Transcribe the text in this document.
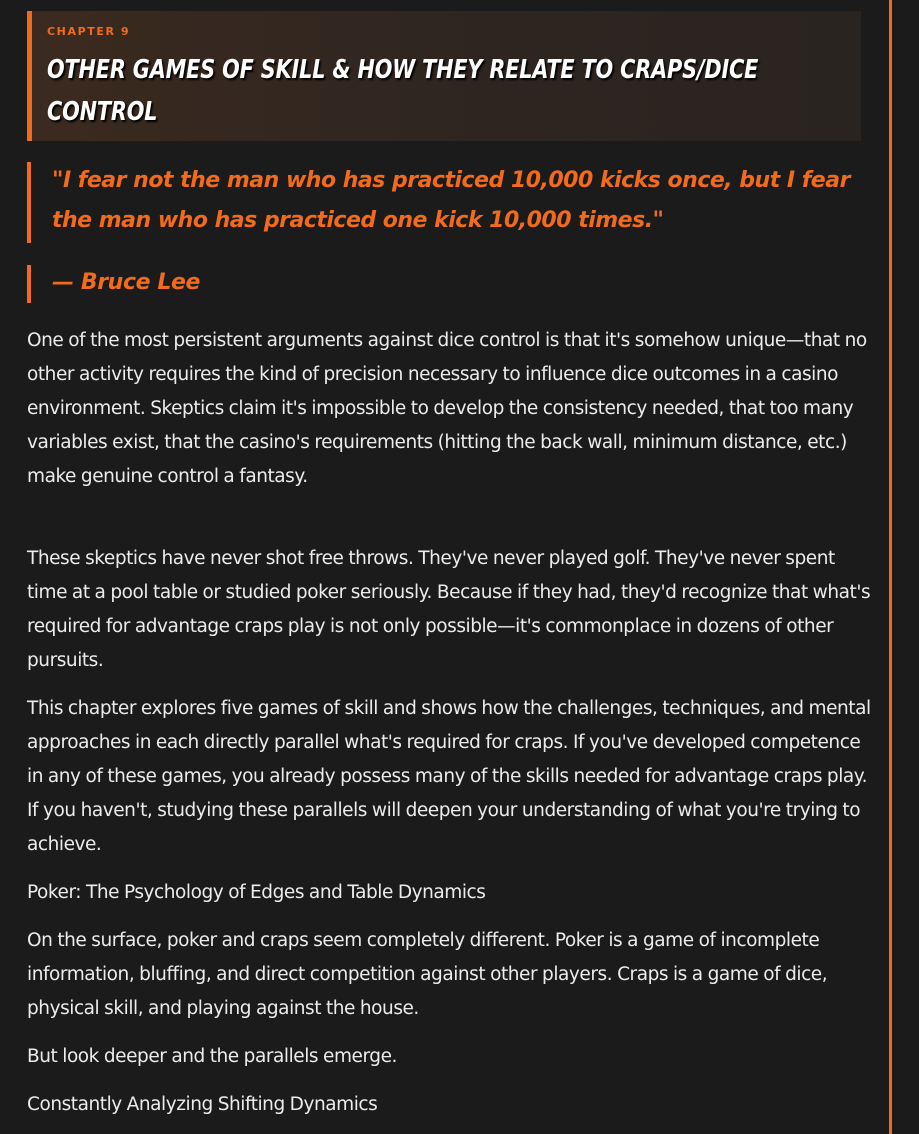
CHAPTER 9

OTHER GAMES OF SKILL & HOW THEY RELATE TO CRAPS/DICE CONTROL

"I fear not the man who has practiced 10,000 kicks once, but I fear the man who has practiced one kick 10,000 times."

— Bruce Lee

One of the most persistent arguments against dice control is that it's somehow unique—that no other activity requires the kind of precision necessary to influence dice outcomes in a casino environment. Skeptics claim it's impossible to develop the consistency needed, that too many variables exist, that the casino's requirements (hitting the back wall, minimum distance, etc.) make genuine control a fantasy.

These skeptics have never shot free throws. They've never played golf. They've never spent time at a pool table or studied poker seriously. Because if they had, they'd recognize that what's required for advantage craps play is not only possible—it's commonplace in dozens of other pursuits.

This chapter explores five games of skill and shows how the challenges, techniques, and mental approaches in each directly parallel what's required for craps. If you've developed competence in any of these games, you already possess many of the skills needed for advantage craps play. If you haven't, studying these parallels will deepen your understanding of what you're trying to achieve.

Poker: The Psychology of Edges and Table Dynamics

On the surface, poker and craps seem completely different. Poker is a game of incomplete information, bluffing, and direct competition against other players. Craps is a game of dice, physical skill, and playing against the house.

But look deeper and the parallels emerge.

Constantly Analyzing Shifting Dynamics
